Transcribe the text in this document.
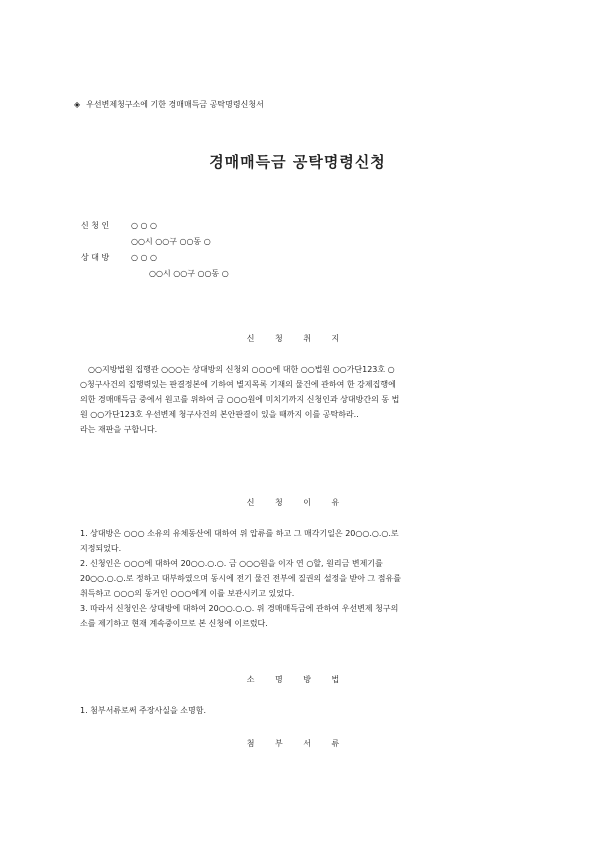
◈ 우선변제청구소에 기한 경매매득금 공탁명령신청서
경매매득금 공탁명령신청
신 청 인	○ ○ ○
○○시 ○○구 ○○동 ○
상 대 방	○ ○ ○
○○시 ○○구 ○○동 ○
신 청 취 지

○○지방법원 집행관 ○○○는 상대방의 신청외 ○○○에 대한 ○○법원 ○○가단123호 ○

○청구사건의 집행력있는 판결정본에 기하여 별지목록 기재의 물건에 관하여 한 강제집행에

의한 경매매득금 중에서 원고를 위하여 금 ○○○원에 미치기까지 신청인과 상대방간의 동 법

원 ○○가단123호 우선변제 청구사건의 본안판결이 있을 때까지 이를 공탁하라..

라는 재판을 구합니다.

신 청 이 유

1. 상대방은 ○○○ 소유의 유체동산에 대하여 위 압류를 하고 그 매각기일은 20○○.○.○.로

지정되었다.

2. 신청인은 ○○○에 대하여 20○○.○.○. 금 ○○○원을 이자 연 ○할, 원리금 변제기를

20○○.○.○.로 정하고 대부하였으며 동시에 전기 물건 전부에 질권의 설정을 받아 그 점유를

취득하고 ○○○의 동거인 ○○○에게 이를 보관시키고 있었다.

3. 따라서 신청인은 상대방에 대하여 20○○.○.○. 위 경매매득금에 관하여 우선변제 청구의

소를 제기하고 현재 계속중이므로 본 신청에 이르렀다.

소 명 방 법

1. 첨부서류로써 주장사실을 소명함.

첨 부 서 류
